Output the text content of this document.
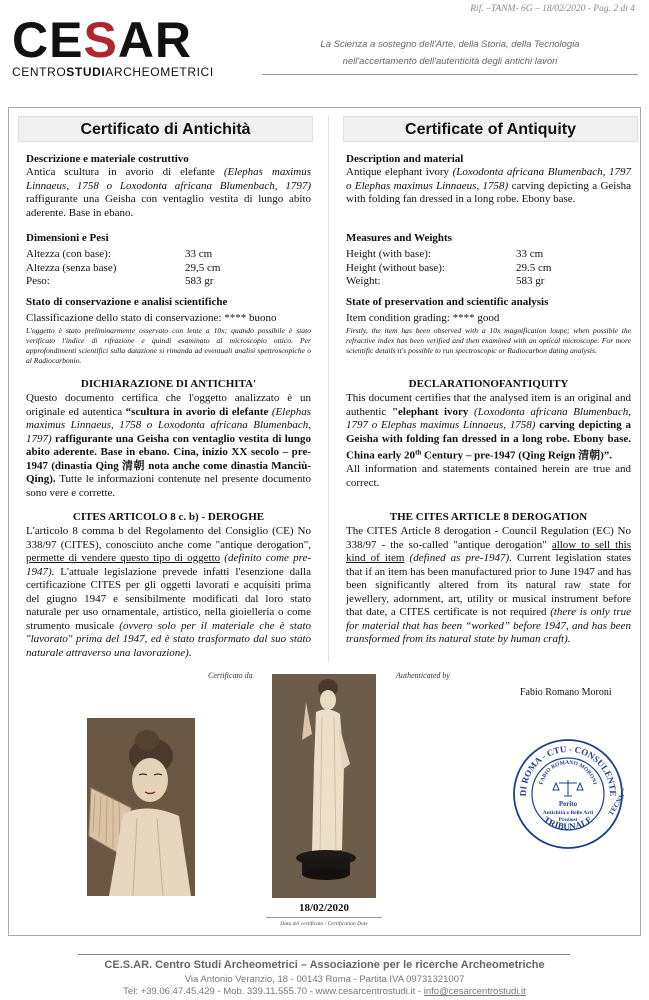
Rif. –TANM- 6G – 18/02/2020 - Pag. 2 di 4
CESAR
CENTROSTUDIARCHEOMETRICI
La Scienza a sostegno dell'Arte, della Storia, della Tecnologia
nell'accertamento dell'autenticità degli antichi lavori
Certificato di Antichità
Descrizione e materiale costruttivo
Antica scultura in avorio di elefante (Elephas maximus Linnaeus, 1758 o Loxodonta africana Blumenbach, 1797) raffigurante una Geisha con ventaglio vestita di lungo abito aderente. Base in ebano.
Dimensioni e Pesi
Altezza (con base):	33 cm
Altezza (senza base)	29,5 cm
Peso:	583 gr
Stato di conservazione e analisi scientifiche
Classificazione dello stato di conservazione: **** buono
L'oggetto è stato preliminarmente osservato con lente a 10x; quando possibile è stato verificato l'indice di rifrazione e quindi esaminato al microscopio ottico. Per approfondimenti scientifici sulla datazione si rimanda ad eventuali analisi spettroscopiche o al Radiocarbonio.
DICHIARAZIONE DI ANTICHITA'
Questo documento certifica che l'oggetto analizzato è un originale ed autentica “scultura in avorio di elefante (Elephas maximus Linnaeus, 1758 o Loxodonta africana Blumenbach, 1797) raffigurante una Geisha con ventaglio vestita di lungo abito aderente. Base in ebano. Cina, inizio XX secolo – pre-1947 (dinastia Qing 清朝 nota anche come dinastia Manciù-Qing). Tutte le informazioni contenute nel presente documento sono vere e corrette.
CITES ARTICOLO 8 c. b) - DEROGHE
L'articolo 8 comma b del Regolamento del Consiglio (CE) No 338/97 (CITES), conosciuto anche come "antique derogation", permette di vendere questo tipo di oggetto (definito come pre-1947). L'attuale legislazione prevede infatti l'esenzione dalla certificazione CITES per gli oggetti lavorati e acquisiti prima del giugno 1947 e sensibilmente modificati dal loro stato naturale per uso ornamentale, artistico, nella gioielleria o come strumento musicale (ovvero solo per il materiale che è stato "lavorato" prima del 1947, ed è stato trasformato dal suo stato naturale attraverso una lavorazione).
Certificate of Antiquity
Description and material
Antique elephant ivory (Loxodonta africana Blumenbach, 1797 o Elephas maximus Linnaeus, 1758) carving depicting a Geisha with folding fan dressed in a long robe. Ebony base.
Measures and Weights
Height (with base):	33 cm
Height (without base):	29.5 cm
Weight:	583 gr
State of preservation and scientific analysis
Item condition grading: **** good
Firstly, the item has been observed with a 10x magnification loupe; when possible the refractive index has been verified and then examined with an optical microscope. For more scientific details it's possible to run spectroscopic or Radiocarbon dating analysis.
DECLARATIONOFANTIQUITY
This document certifies that the analysed item is an original and authentic "elephant ivory (Loxodonta africana Blumenbach, 1797 o Elephas maximus Linnaeus, 1758) carving depicting a Geisha with folding fan dressed in a long robe. Ebony base. China early 20th Century – pre-1947 (Qing Reign 清朝)”.
All information and statements contained herein are true and correct.
THE CITES ARTICLE 8 DEROGATION
The CITES Article 8 derogation - Council Regulation (EC) No 338/97 - the so-called "antique derogation" allow to sell this kind of item (defined as pre-1947). Current legislation states that if an item has been manufactured prior to June 1947 and has been significantly altered from its natural raw state for jewellery, adornment, art, utility or musical instrument before that date, a CITES certificate is not required (there is only true for material that has been “worked” before 1947, and has been transformed from its natural state by human craft).
Certificato da	Authenticated by
Fabio Romano Moroni
18/02/2020
Data del certificato / Certification Date
DI ROMA - CTU - CONSULENTE
TRIBUNALE
TECNICO
FABIO ROMANO MORONI
Perito
Antichità e Belle Arti
Preziosi
CE.S.AR. Centro Studi Archeometrici – Associazione per le ricerche Archeometriche
Via Antonio Veranzio, 18 - 00143 Roma - Partita IVA 09731321007
Tel: +39.06.47.45.429 - Mob. 339.11.555.70 - www.cesarcentrostudi.it - info@cesarcentrostudi.it
